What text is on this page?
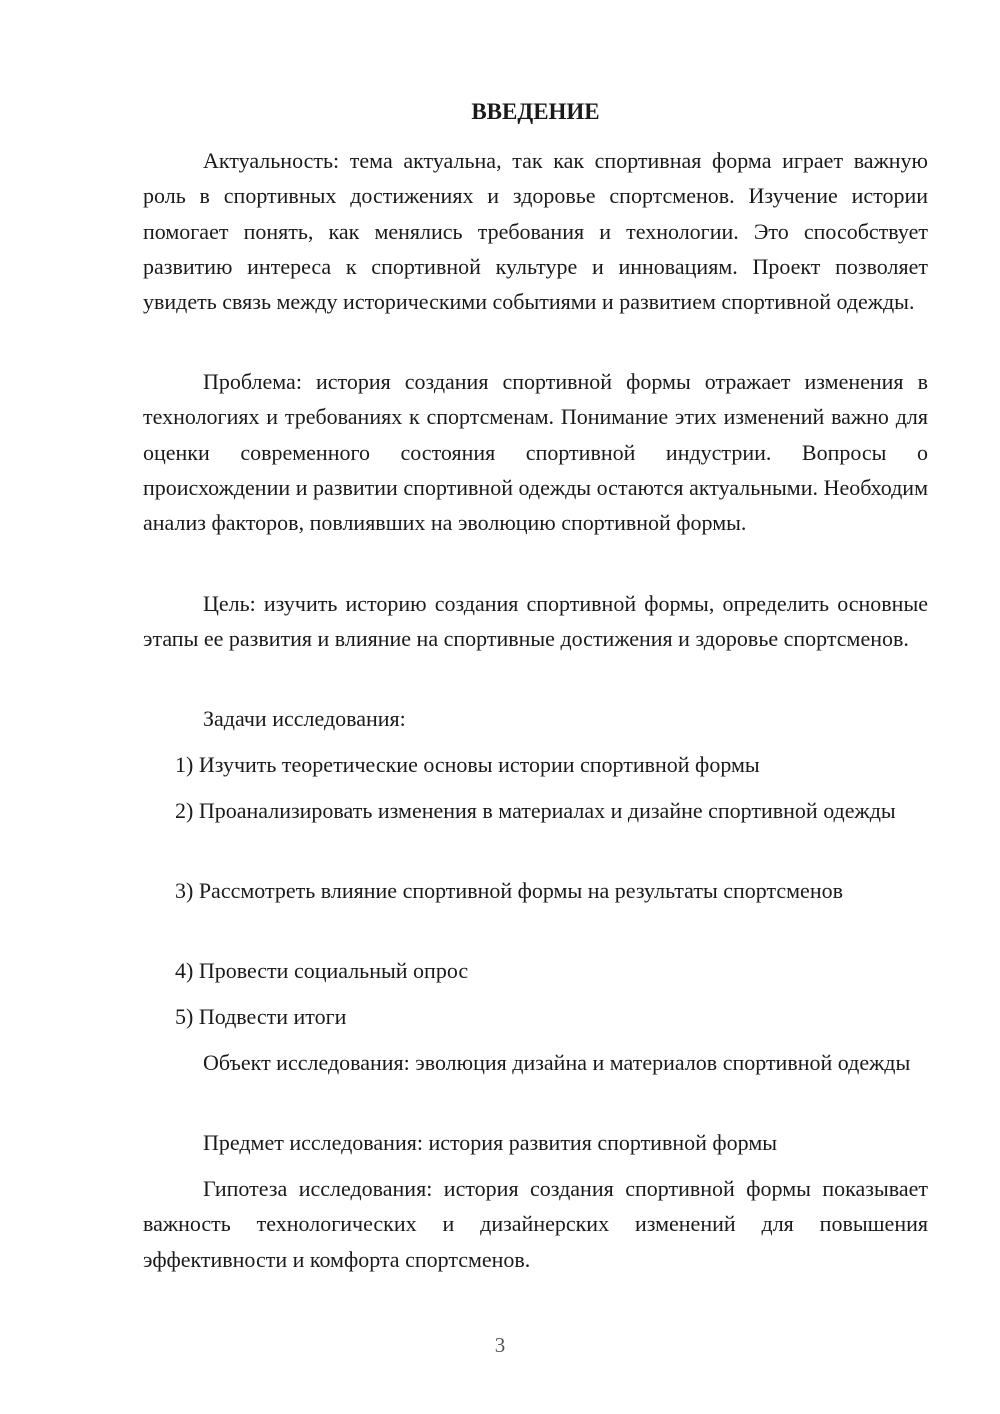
ВВЕДЕНИЕ

Актуальность: тема актуальна, так как спортивная форма играет важную роль в спортивных достижениях и здоровье спортсменов. Изучение истории помогает понять, как менялись требования и технологии. Это способствует развитию интереса к спортивной культуре и инновациям. Проект позволяет увидеть связь между историческими событиями и развитием спортивной одежды.

Проблема: история создания спортивной формы отражает изменения в технологиях и требованиях к спортсменам. Понимание этих изменений важно для оценки современного состояния спортивной индустрии. Вопросы о происхождении и развитии спортивной одежды остаются актуальными. Необходим анализ факторов, повлиявших на эволюцию спортивной формы.

Цель: изучить историю создания спортивной формы, определить основные этапы ее развития и влияние на спортивные достижения и здоровье спортсменов.

Задачи исследования:

1) Изучить теоретические основы истории спортивной формы

2) Проанализировать изменения в материалах и дизайне спортивной одежды

3) Рассмотреть влияние спортивной формы на результаты спортсменов

4) Провести социальный опрос

5) Подвести итоги

Объект исследования: эволюция дизайна и материалов спортивной одежды

Предмет исследования: история развития спортивной формы

Гипотеза исследования: история создания спортивной формы показывает важность технологических и дизайнерских изменений для повышения эффективности и комфорта спортсменов.

3
